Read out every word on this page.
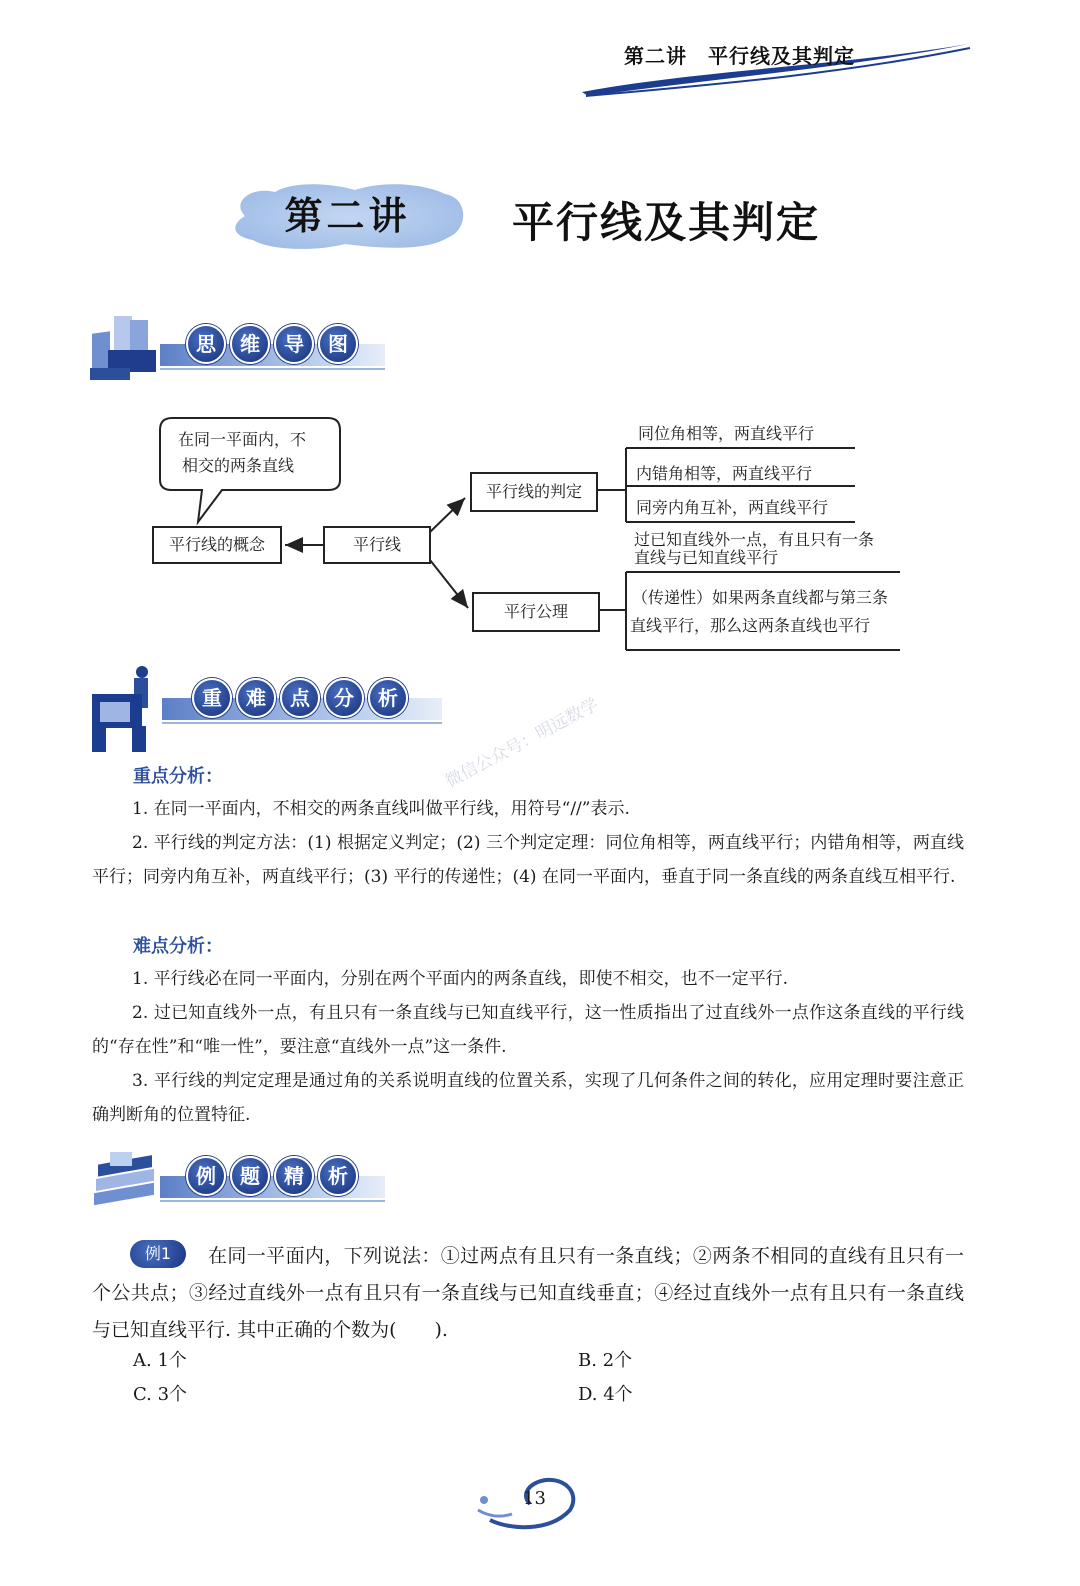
第二讲　平行线及其判定
第二讲	平行线及其判定
思	维	导	图
在同一平面内，不
相交的两条直线
平行线的概念	平行线
平行线的判定
平行公理
同位角相等，两直线平行
内错角相等，两直线平行
同旁内角互补，两直线平行
过已知直线外一点，有且只有一条
直线与已知直线平行
（传递性）如果两条直线都与第三条
直线平行，那么这两条直线也平行
重	难	点	分	析
重点分析：
1. 在同一平面内，不相交的两条直线叫做平行线，用符号“//”表示.
2. 平行线的判定方法：(1) 根据定义判定；(2) 三个判定定理：同位角相等，两直线平行；内错角相等，两直线平行；同旁内角互补，两直线平行；(3) 平行的传递性；(4) 在同一平面内，垂直于同一条直线的两条直线互相平行.
难点分析：
1. 平行线必在同一平面内，分别在两个平面内的两条直线，即使不相交，也不一定平行.
2. 过已知直线外一点，有且只有一条直线与已知直线平行，这一性质指出了过直线外一点作这条直线的平行线的“存在性”和“唯一性”，要注意“直线外一点”这一条件.
3. 平行线的判定定理是通过角的关系说明直线的位置关系，实现了几何条件之间的转化，应用定理时要注意正确判断角的位置特征.
例	题	精	析
在同一平面内，下列说法：①过两点有且只有一条直线；②两条不相同的直线有且只有一个公共点；③经过直线外一点有且只有一条直线与已知直线垂直；④经过直线外一点有且只有一条直线与已知直线平行. 其中正确的个数为(　　).
例1
A. 1个	B. 2个
C. 3个	D. 4个
13
微信公众号：明远数学
